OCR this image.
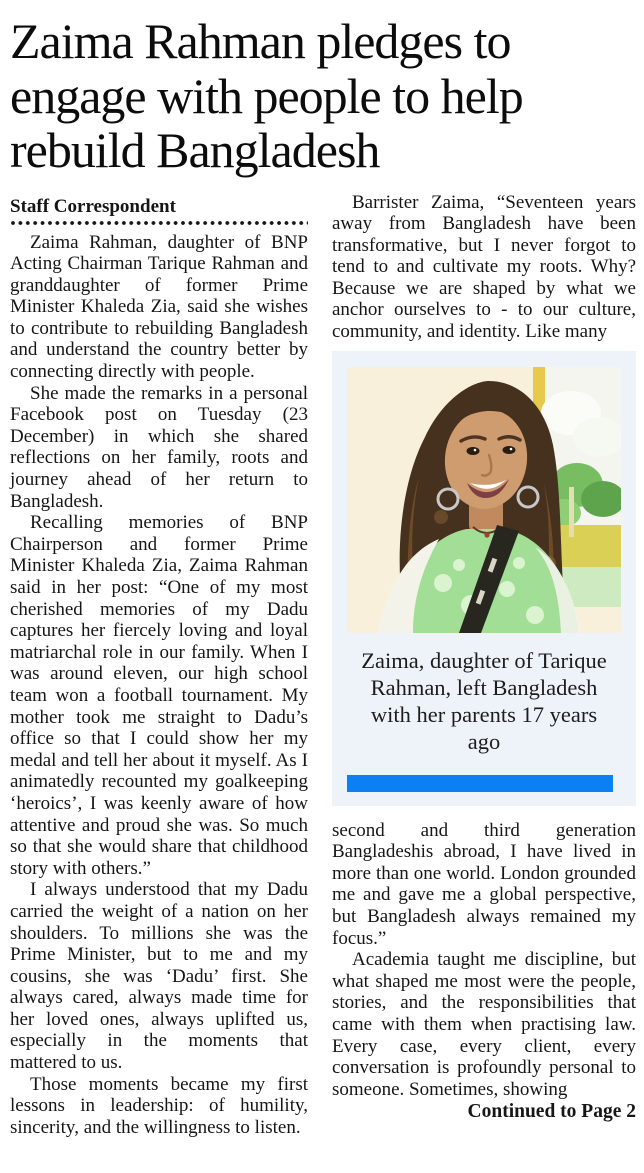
Zaima Rahman pledges to engage with people to help rebuild Bangladesh
Staff Correspondent

Zaima Rahman, daughter of BNP Acting Chairman Tarique Rahman and granddaughter of former Prime Minister Khaleda Zia, said she wishes to contribute to rebuilding Bangladesh and understand the country better by connecting directly with people.

She made the remarks in a personal Facebook post on Tuesday (23 December) in which she shared reflections on her family, roots and journey ahead of her return to Bangladesh.

Recalling memories of BNP Chairperson and former Prime Minister Khaleda Zia, Zaima Rahman said in her post: “One of my most cherished memories of my Dadu captures her fiercely loving and loyal matriarchal role in our family. When I was around eleven, our high school team won a football tournament. My mother took me straight to Dadu’s office so that I could show her my medal and tell her about it myself. As I animatedly recounted my goalkeeping ‘heroics’, I was keenly aware of how attentive and proud she was. So much so that she would share that childhood story with others.”

I always understood that my Dadu carried the weight of a nation on her shoulders. To millions she was the Prime Minister, but to me and my cousins, she was ‘Dadu’ first. She always cared, always made time for her loved ones, always uplifted us, especially in the moments that mattered to us.

Those moments became my first lessons in leadership: of humility, sincerity, and the willingness to listen.

Barrister Zaima, “Seventeen years away from Bangladesh have been transformative, but I never forgot to tend to and cultivate my roots. Why? Because we are shaped by what we anchor ourselves to - to our culture, community, and identity. Like many

Zaima, daughter of Tarique Rahman, left Bangladesh with her parents 17 years ago

second and third generation Bangladeshis abroad, I have lived in more than one world. London grounded me and gave me a global perspective, but Bangladesh always remained my focus.”

Academia taught me discipline, but what shaped me most were the people, stories, and the responsibilities that came with them when practising law. Every case, every client, every conversation is profoundly personal to someone. Sometimes, showing

Continued to Page 2
